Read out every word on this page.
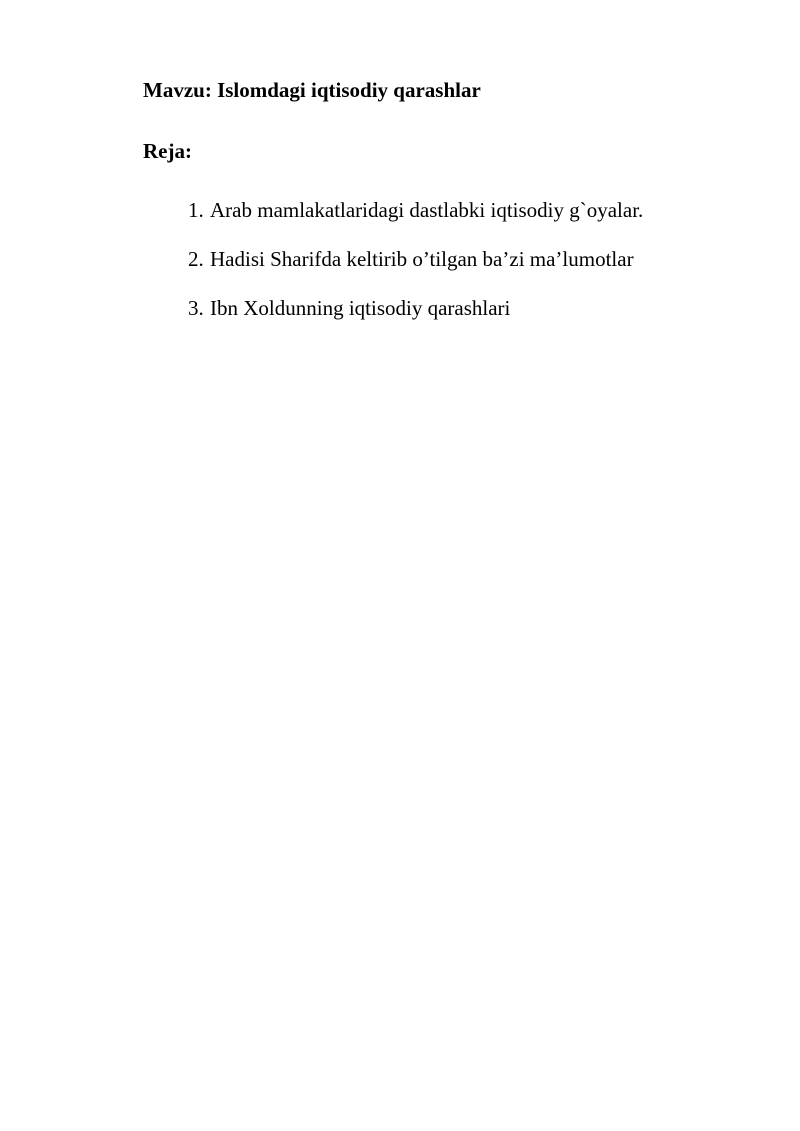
Mavzu: Islomdagi iqtisodiy qarashlar
Reja:
1. Arab mamlakatlaridagi dastlabki iqtisodiy g`oyalar.
2. Hadisi Sharifda keltirib o’tilgan ba’zi ma’lumotlar
3. Ibn Xoldunning iqtisodiy qarashlari
